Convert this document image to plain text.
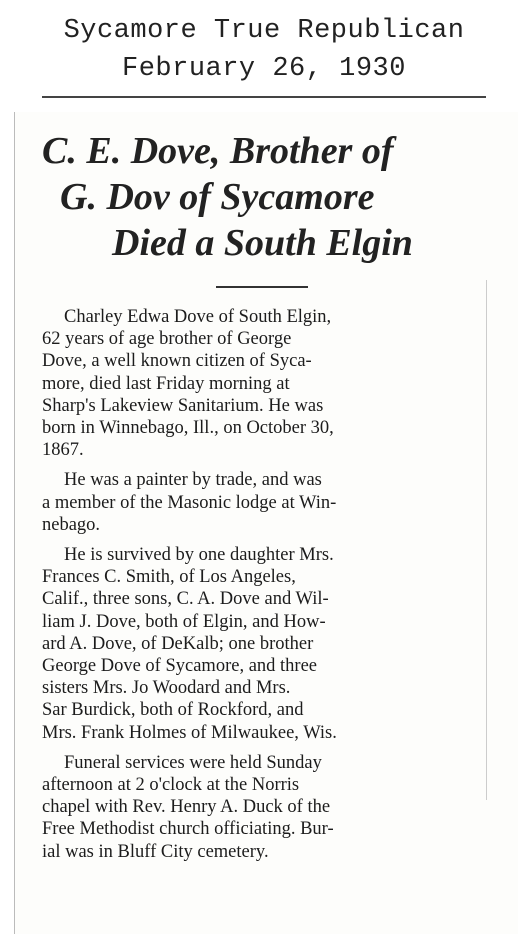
Sycamore True Republican
February 26, 1930
C. E. Dove, Brother of
G. Dov of Sycamore
Died a South Elgin

Charley Edwa Dove of South Elgin,
62 years of age brother of George
Dove, a well known citizen of Syca-
more, died last Friday morning at
Sharp's Lakeview Sanitarium. He was
born in Winnebago, Ill., on October 30,
1867.

He was a painter by trade, and was
a member of the Masonic lodge at Win-
nebago.

He is survived by one daughter Mrs.
Frances C. Smith, of Los Angeles,
Calif., three sons, C. A. Dove and Wil-
liam J. Dove, both of Elgin, and How-
ard A. Dove, of DeKalb; one brother
George Dove of Sycamore, and three
sisters Mrs. Jo Woodard and Mrs.
Sar Burdick, both of Rockford, and
Mrs. Frank Holmes of Milwaukee, Wis.

Funeral services were held Sunday
afternoon at 2 o'clock at the Norris
chapel with Rev. Henry A. Duck of the
Free Methodist church officiating. Bur-
ial was in Bluff City cemetery.
